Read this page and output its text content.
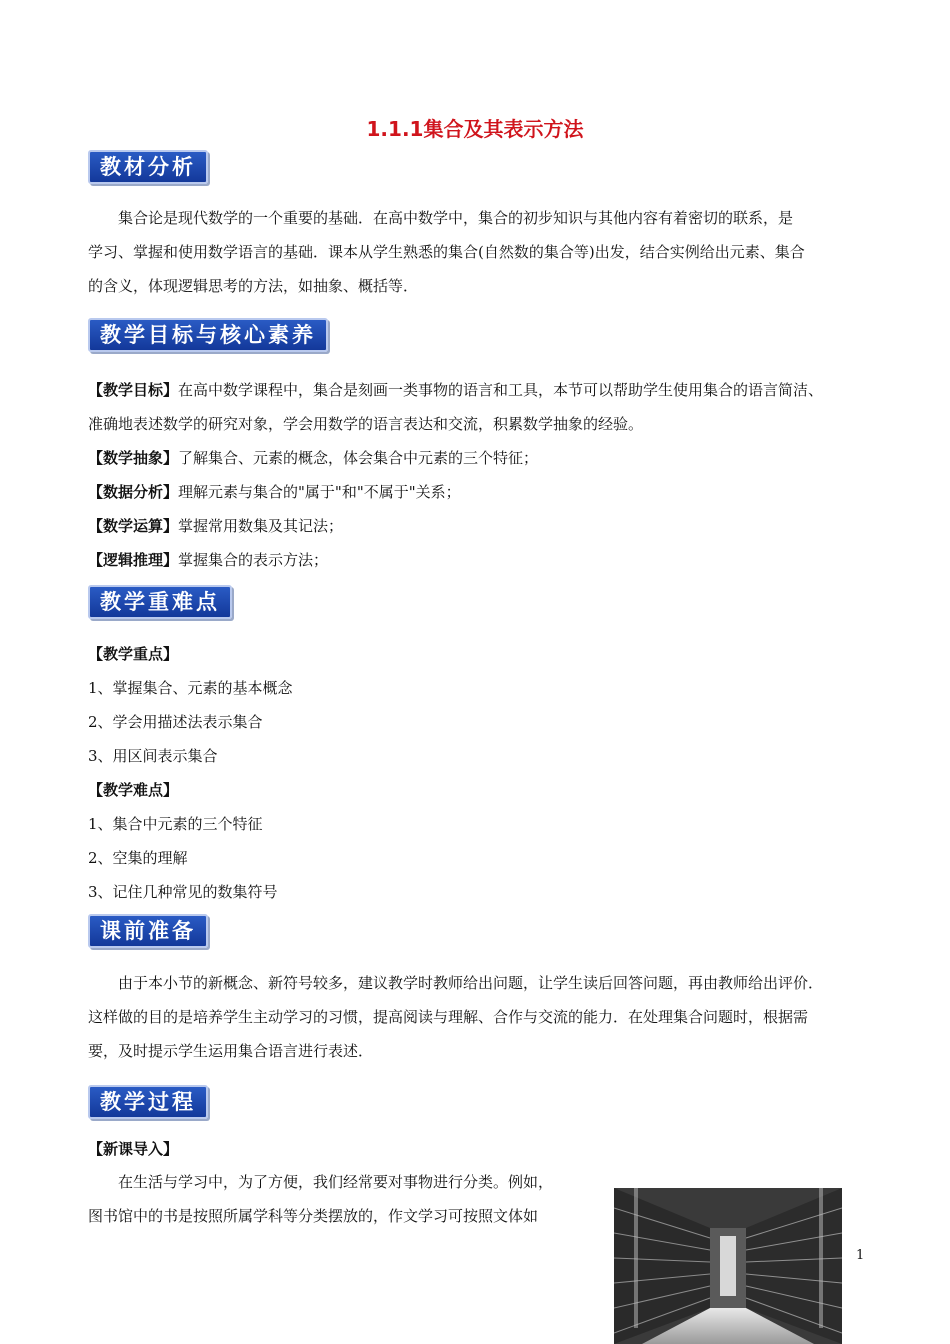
1.1.1集合及其表示方法
教材分析
集合论是现代数学的一个重要的基础．在高中数学中，集合的初步知识与其他内容有着密切的联系，是
学习、掌握和使用数学语言的基础．课本从学生熟悉的集合(自然数的集合等)出发，结合实例给出元素、集合
的含义，体现逻辑思考的方法，如抽象、概括等．
教学目标与核心素养
【教学目标】在高中数学课程中，集合是刻画一类事物的语言和工具，本节可以帮助学生使用集合的语言简洁、
准确地表述数学的研究对象，学会用数学的语言表达和交流，积累数学抽象的经验。
【数学抽象】了解集合、元素的概念，体会集合中元素的三个特征；
【数据分析】理解元素与集合的"属于"和"不属于"关系；
【数学运算】掌握常用数集及其记法；
【逻辑推理】掌握集合的表示方法；
教学重难点
【教学重点】
1、掌握集合、元素的基本概念
2、学会用描述法表示集合
3、用区间表示集合
【教学难点】
1、集合中元素的三个特征
2、空集的理解
3、记住几种常见的数集符号
课前准备
由于本小节的新概念、新符号较多，建议教学时教师给出问题，让学生读后回答问题，再由教师给出评价．
这样做的目的是培养学生主动学习的习惯，提高阅读与理解、合作与交流的能力．在处理集合问题时，根据需
要，及时提示学生运用集合语言进行表述．
教学过程
【新课导入】
在生活与学习中，为了方便，我们经常要对事物进行分类。例如，
图书馆中的书是按照所属学科等分类摆放的，作文学习可按照文体如
1
